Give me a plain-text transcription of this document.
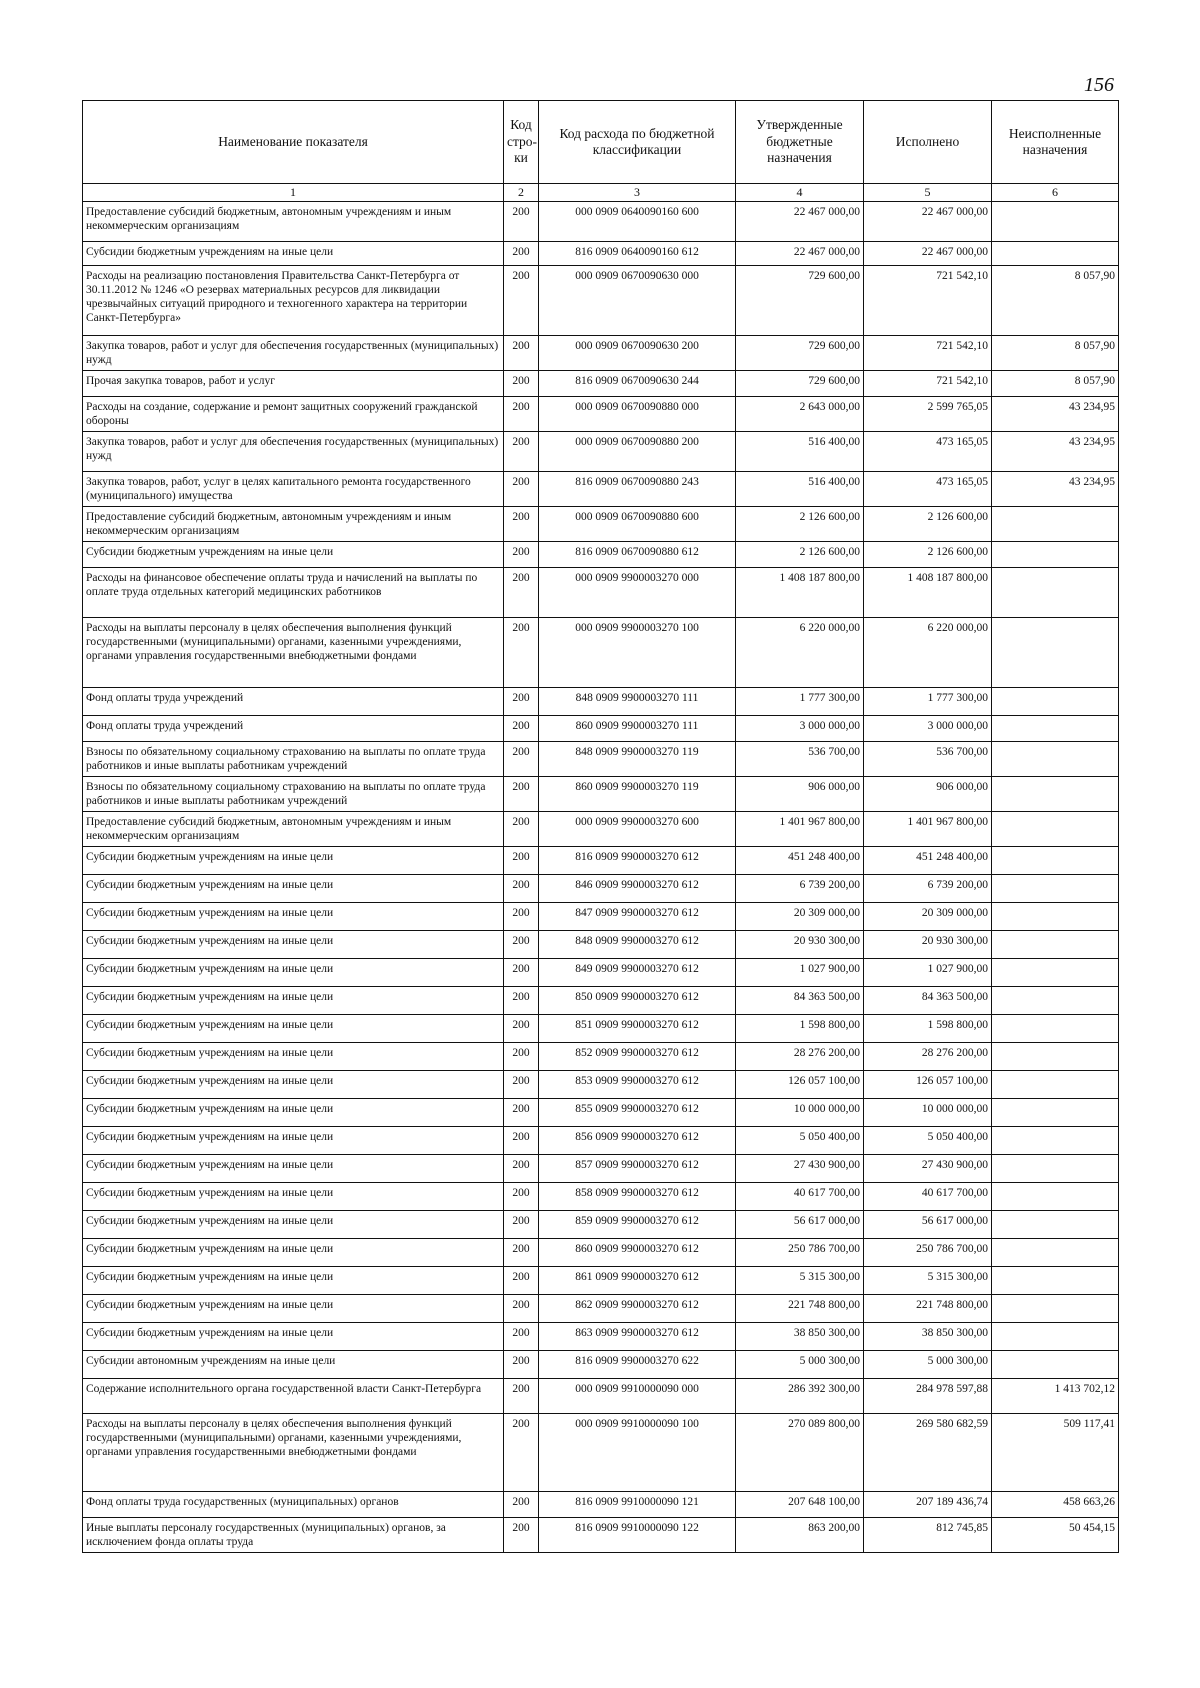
156
Наименование показателя	Код стро-ки	Код расхода по бюджетной классификации	Утвержденные бюджетные назначения	Исполнено	Неисполненные назначения
1	2	3	4	5	6
Предоставление субсидий бюджетным, автономным учреждениям и иным некоммерческим организациям	200	000 0909 0640090160 600	22 467 000,00	22 467 000,00	
Субсидии бюджетным учреждениям на иные цели	200	816 0909 0640090160 612	22 467 000,00	22 467 000,00	
Расходы на реализацию постановления Правительства Санкт-Петербурга от 30.11.2012 № 1246 «О резервах материальных ресурсов для ликвидации чрезвычайных ситуаций природного и техногенного характера на территории Санкт-Петербурга»	200	000 0909 0670090630 000	729 600,00	721 542,10	8 057,90
Закупка товаров, работ и услуг для обеспечения государственных (муниципальных) нужд	200	000 0909 0670090630 200	729 600,00	721 542,10	8 057,90
Прочая закупка товаров, работ и услуг	200	816 0909 0670090630 244	729 600,00	721 542,10	8 057,90
Расходы на создание, содержание и ремонт защитных сооружений гражданской обороны	200	000 0909 0670090880 000	2 643 000,00	2 599 765,05	43 234,95
Закупка товаров, работ и услуг для обеспечения государственных (муниципальных) нужд	200	000 0909 0670090880 200	516 400,00	473 165,05	43 234,95
Закупка товаров, работ, услуг в целях капитального ремонта государственного (муниципального) имущества	200	816 0909 0670090880 243	516 400,00	473 165,05	43 234,95
Предоставление субсидий бюджетным, автономным учреждениям и иным некоммерческим организациям	200	000 0909 0670090880 600	2 126 600,00	2 126 600,00	
Субсидии бюджетным учреждениям на иные цели	200	816 0909 0670090880 612	2 126 600,00	2 126 600,00	
Расходы на финансовое обеспечение оплаты труда и начислений на выплаты по оплате труда отдельных категорий медицинских работников	200	000 0909 9900003270 000	1 408 187 800,00	1 408 187 800,00	
Расходы на выплаты персоналу в целях обеспечения выполнения функций государственными (муниципальными) органами, казенными учреждениями, органами управления государственными внебюджетными фондами	200	000 0909 9900003270 100	6 220 000,00	6 220 000,00	
Фонд оплаты труда учреждений	200	848 0909 9900003270 111	1 777 300,00	1 777 300,00	
Фонд оплаты труда учреждений	200	860 0909 9900003270 111	3 000 000,00	3 000 000,00	
Взносы по обязательному социальному страхованию на выплаты по оплате труда работников и иные выплаты работникам учреждений	200	848 0909 9900003270 119	536 700,00	536 700,00	
Взносы по обязательному социальному страхованию на выплаты по оплате труда работников и иные выплаты работникам учреждений	200	860 0909 9900003270 119	906 000,00	906 000,00	
Предоставление субсидий бюджетным, автономным учреждениям и иным некоммерческим организациям	200	000 0909 9900003270 600	1 401 967 800,00	1 401 967 800,00	
Субсидии бюджетным учреждениям на иные цели	200	816 0909 9900003270 612	451 248 400,00	451 248 400,00	
Субсидии бюджетным учреждениям на иные цели	200	846 0909 9900003270 612	6 739 200,00	6 739 200,00	
Субсидии бюджетным учреждениям на иные цели	200	847 0909 9900003270 612	20 309 000,00	20 309 000,00	
Субсидии бюджетным учреждениям на иные цели	200	848 0909 9900003270 612	20 930 300,00	20 930 300,00	
Субсидии бюджетным учреждениям на иные цели	200	849 0909 9900003270 612	1 027 900,00	1 027 900,00	
Субсидии бюджетным учреждениям на иные цели	200	850 0909 9900003270 612	84 363 500,00	84 363 500,00	
Субсидии бюджетным учреждениям на иные цели	200	851 0909 9900003270 612	1 598 800,00	1 598 800,00	
Субсидии бюджетным учреждениям на иные цели	200	852 0909 9900003270 612	28 276 200,00	28 276 200,00	
Субсидии бюджетным учреждениям на иные цели	200	853 0909 9900003270 612	126 057 100,00	126 057 100,00	
Субсидии бюджетным учреждениям на иные цели	200	855 0909 9900003270 612	10 000 000,00	10 000 000,00	
Субсидии бюджетным учреждениям на иные цели	200	856 0909 9900003270 612	5 050 400,00	5 050 400,00	
Субсидии бюджетным учреждениям на иные цели	200	857 0909 9900003270 612	27 430 900,00	27 430 900,00	
Субсидии бюджетным учреждениям на иные цели	200	858 0909 9900003270 612	40 617 700,00	40 617 700,00	
Субсидии бюджетным учреждениям на иные цели	200	859 0909 9900003270 612	56 617 000,00	56 617 000,00	
Субсидии бюджетным учреждениям на иные цели	200	860 0909 9900003270 612	250 786 700,00	250 786 700,00	
Субсидии бюджетным учреждениям на иные цели	200	861 0909 9900003270 612	5 315 300,00	5 315 300,00	
Субсидии бюджетным учреждениям на иные цели	200	862 0909 9900003270 612	221 748 800,00	221 748 800,00	
Субсидии бюджетным учреждениям на иные цели	200	863 0909 9900003270 612	38 850 300,00	38 850 300,00	
Субсидии автономным учреждениям на иные цели	200	816 0909 9900003270 622	5 000 300,00	5 000 300,00	
Содержание исполнительного органа государственной власти Санкт-Петербурга	200	000 0909 9910000090 000	286 392 300,00	284 978 597,88	1 413 702,12
Расходы на выплаты персоналу в целях обеспечения выполнения функций государственными (муниципальными) органами, казенными учреждениями, органами управления государственными внебюджетными фондами	200	000 0909 9910000090 100	270 089 800,00	269 580 682,59	509 117,41
Фонд оплаты труда государственных (муниципальных) органов	200	816 0909 9910000090 121	207 648 100,00	207 189 436,74	458 663,26
Иные выплаты персоналу государственных (муниципальных) органов, за исключением фонда оплаты труда	200	816 0909 9910000090 122	863 200,00	812 745,85	50 454,15
